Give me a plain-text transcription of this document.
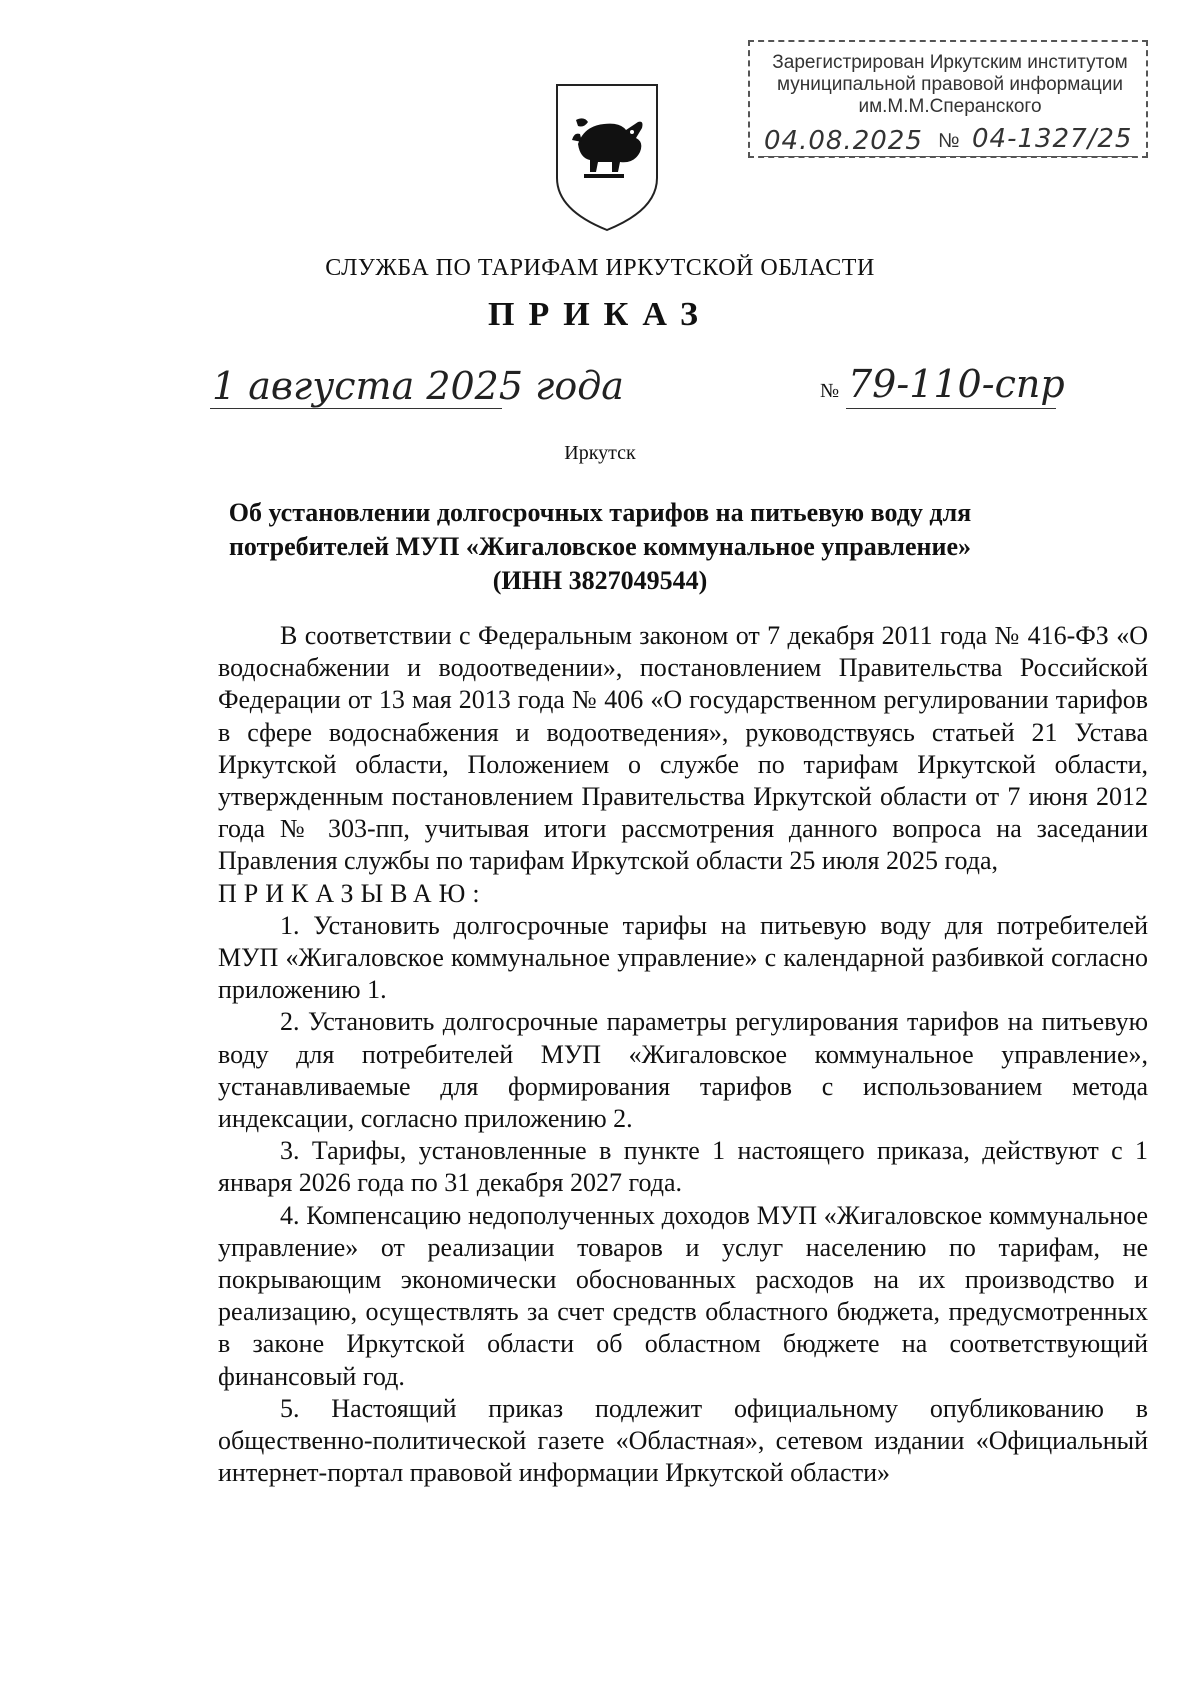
Зарегистрирован Иркутским институтом
муниципальной правовой информации
им.М.М.Сперанского
04.08.2025 № 04-1327/25
СЛУЖБА ПО ТАРИФАМ ИРКУТСКОЙ ОБЛАСТИ
ПРИКАЗ
1 августа 2025 года	№ 79-110-спр
Иркутск
Об установлении долгосрочных тарифов на питьевую воду для
потребителей МУП «Жигаловское коммунальное управление»
(ИНН 3827049544)

В соответствии с Федеральным законом от 7 декабря 2011 года № 416-ФЗ «О водоснабжении и водоотведении», постановлением Правительства Российской Федерации от 13 мая 2013 года № 406 «О государственном регулировании тарифов в сфере водоснабжения и водоотведения», руководствуясь статьей 21 Устава Иркутской области, Положением о службе по тарифам Иркутской области, утвержденным постановлением Правительства Иркутской области от 7 июня 2012 года № 303-пп, учитывая итоги рассмотрения данного вопроса на заседании Правления службы по тарифам Иркутской области 25 июля 2025 года,

ПРИКАЗЫВАЮ:

1. Установить долгосрочные тарифы на питьевую воду для потребителей МУП «Жигаловское коммунальное управление» с календарной разбивкой согласно приложению 1.

2. Установить долгосрочные параметры регулирования тарифов на питьевую воду для потребителей МУП «Жигаловское коммунальное управление», устанавливаемые для формирования тарифов с использованием метода индексации, согласно приложению 2.

3. Тарифы, установленные в пункте 1 настоящего приказа, действуют с 1 января 2026 года по 31 декабря 2027 года.

4. Компенсацию недополученных доходов МУП «Жигаловское коммунальное управление» от реализации товаров и услуг населению по тарифам, не покрывающим экономически обоснованных расходов на их производство и реализацию, осуществлять за счет средств областного бюджета, предусмотренных в законе Иркутской области об областном бюджете на соответствующий финансовый год.

5. Настоящий приказ подлежит официальному опубликованию в общественно-политической газете «Областная», сетевом издании «Официальный интернет-портал правовой информации Иркутской области»
